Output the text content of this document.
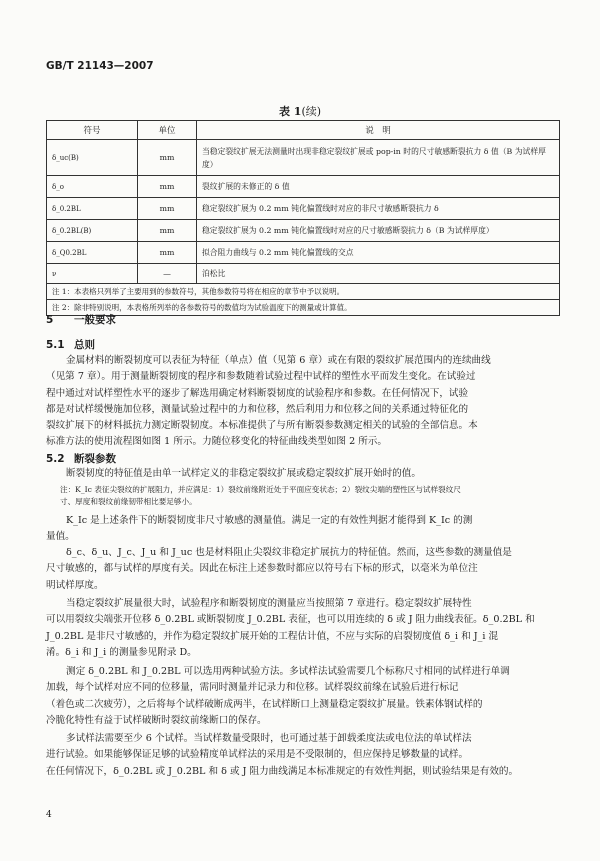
GB/T 21143—2007
表 1(续)
符号	单位	说　明
δ_uc(B)	mm	当稳定裂纹扩展无法测量时出现非稳定裂纹扩展或 pop-in 时的尺寸敏感断裂抗力 δ 值（B 为试样厚度）
δ_o	mm	裂纹扩展的未修正的 δ 值
δ_0.2BL	mm	稳定裂纹扩展为 0.2 mm 钝化偏置线时对应的非尺寸敏感断裂抗力 δ
δ_0.2BL(B)	mm	稳定裂纹扩展为 0.2 mm 钝化偏置线时对应的尺寸敏感断裂抗力 δ（B 为试样厚度）
δ_Q0.2BL	mm	拟合阻力曲线与 0.2 mm 钝化偏置线的交点
ν	—	泊松比
注 1：本表格只列举了主要用到的参数符号，其他参数符号将在相应的章节中予以说明。		
注 2：除非特别说明，本表格所列举的各参数符号的数值均为试验温度下的测量或计算值。		
5 一般要求
5.1 总则
金属材料的断裂韧度可以表征为特征（单点）值（见第 6 章）或在有限的裂纹扩展范围内的连续曲线
（见第 7 章）。用于测量断裂韧度的程序和参数随着试验过程中试样的塑性水平而发生变化。在试验过
程中通过对试样塑性水平的逐步了解选用确定材料断裂韧度的试验程序和参数。在任何情况下，试验
都是对试样缓慢施加位移，测量试验过程中的力和位移，然后利用力和位移之间的关系通过特征化的
裂纹扩展下的材料抵抗力测定断裂韧度。本标准提供了与所有断裂参数测定相关的试验的全部信息。本
标准方法的使用流程图如图 1 所示。力随位移变化的特征曲线类型如图 2 所示。
5.2 断裂参数
断裂韧度的特征值是由单一试样定义的非稳定裂纹扩展或稳定裂纹扩展开始时的值。
注：K_Ic 表征尖裂纹的扩展阻力，并应满足：1）裂纹前缘附近处于平面应变状态；2）裂纹尖端的塑性区与试样裂纹尺
寸、厚度和裂纹前缘韧带相比要足够小。
K_Ic 是上述条件下的断裂韧度非尺寸敏感的测量值。满足一定的有效性判据才能得到 K_Ic 的测
量值。
δ_c、δ_u、J_c、J_u 和 J_uc 也是材料阻止尖裂纹非稳定扩展抗力的特征值。然而，这些参数的测量值是
尺寸敏感的，都与试样的厚度有关。因此在标注上述参数时都应以符号右下标的形式，以毫米为单位注
明试样厚度。
当稳定裂纹扩展量很大时，试验程序和断裂韧度的测量应当按照第 7 章进行。稳定裂纹扩展特性
可以用裂纹尖端张开位移 δ_0.2BL 或断裂韧度 J_0.2BL 表征，也可以用连续的 δ 或 J 阻力曲线表征。δ_0.2BL 和
J_0.2BL 是非尺寸敏感的，并作为稳定裂纹扩展开始的工程估计值，不应与实际的启裂韧度值 δ_i 和 J_i 混
淆。δ_i 和 J_i 的测量参见附录 D。
测定 δ_0.2BL 和 J_0.2BL 可以选用两种试验方法。多试样法试验需要几个标称尺寸相同的试样进行单调
加载，每个试样对应不同的位移量，需同时测量并记录力和位移。试样裂纹前缘在试验后进行标记
（着色或二次疲劳），之后将每个试样破断成两半，在试样断口上测量稳定裂纹扩展量。铁素体钢试样的
冷脆化特性有益于试样破断时裂纹前缘断口的保存。
多试样法需要至少 6 个试样。当试样数量受限时，也可通过基于卸载柔度法或电位法的单试样法
进行试验。如果能够保证足够的试验精度单试样法的采用是不受限制的，但应保持足够数量的试样。
在任何情况下，δ_0.2BL 或 J_0.2BL 和 δ 或 J 阻力曲线满足本标准规定的有效性判据，则试验结果是有效的。
4
